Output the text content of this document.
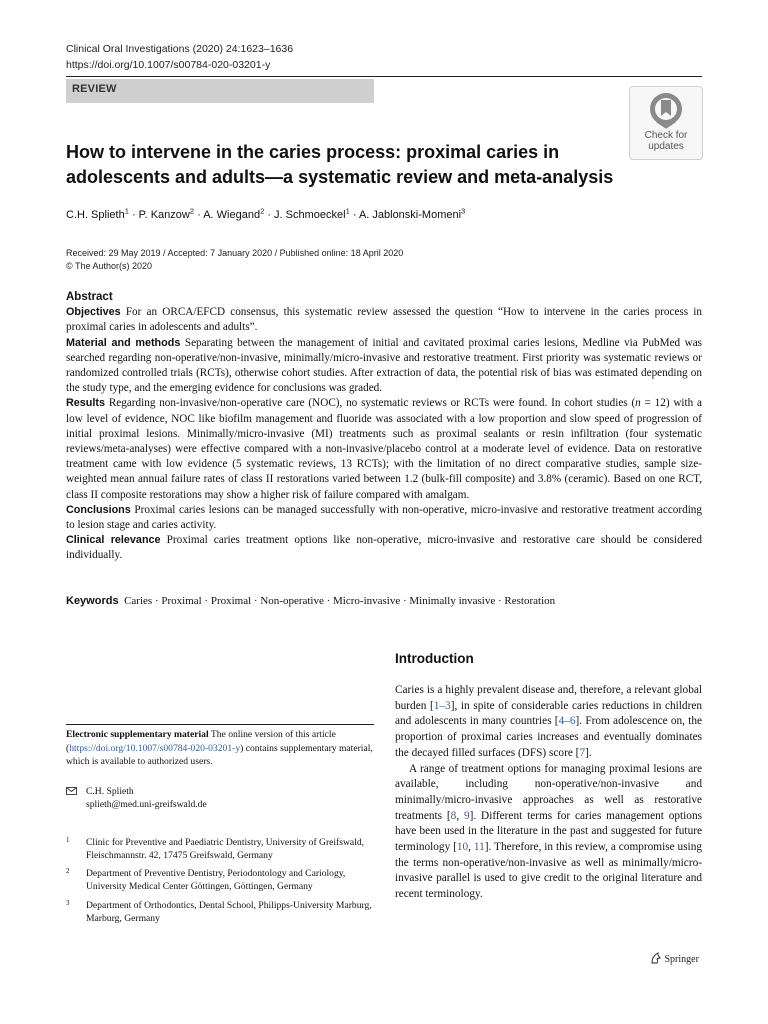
Clinical Oral Investigations (2020) 24:1623–1636
https://doi.org/10.1007/s00784-020-03201-y
REVIEW
Check for
updates
How to intervene in the caries process: proximal caries in adolescents and adults—a systematic review and meta-analysis
C.H. Splieth$^1$ · P. Kanzow$^2$ · A. Wiegand$^2$ · J. Schmoeckel$^1$ · A. Jablonski-Momeni$^3$
Received: 29 May 2019 / Accepted: 7 January 2020 / Published online: 18 April 2020
© The Author(s) 2020
Abstract

Objectives For an ORCA/EFCD consensus, this systematic review assessed the question “How to intervene in the caries process in proximal caries in adolescents and adults”.

Material and methods Separating between the management of initial and cavitated proximal caries lesions, Medline via PubMed was searched regarding non-operative/non-invasive, minimally/micro-invasive and restorative treatment. First priority was systematic reviews or randomized controlled trials (RCTs), otherwise cohort studies. After extraction of data, the potential risk of bias was estimated depending on the study type, and the emerging evidence for conclusions was graded.

Results Regarding non-invasive/non-operative care (NOC), no systematic reviews or RCTs were found. In cohort studies (n = 12) with a low level of evidence, NOC like biofilm management and fluoride was associated with a low proportion and slow speed of progression of initial proximal lesions. Minimally/micro-invasive (MI) treatments such as proximal sealants or resin infiltration (four systematic reviews/meta-analyses) were effective compared with a non-invasive/placebo control at a moderate level of evidence. Data on restorative treatment came with low evidence (5 systematic reviews, 13 RCTs); with the limitation of no direct comparative studies, sample size-weighted mean annual failure rates of class II restorations varied between 1.2 (bulk-fill composite) and 3.8% (ceramic). Based on one RCT, class II composite restorations may show a higher risk of failure compared with amalgam.

Conclusions Proximal caries lesions can be managed successfully with non-operative, micro-invasive and restorative treatment according to lesion stage and caries activity.

Clinical relevance Proximal caries treatment options like non-operative, micro-invasive and restorative care should be considered individually.

Keywords Caries · Proximal · Proximal · Non-operative · Micro-invasive · Minimally invasive · Restoration
Introduction

Caries is a highly prevalent disease and, therefore, a relevant global burden [1–3], in spite of considerable caries reductions in children and adolescents in many countries [4–6]. From adolescence on, the proportion of proximal caries increases and eventually dominates the decayed filled surfaces (DFS) score [7].

A range of treatment options for managing proximal lesions are available, including non-operative/non-invasive and minimally/micro-invasive approaches as well as restorative treatments [8, 9]. Different terms for caries management options have been used in the literature in the past and suggested for future terminology [10, 11]. Therefore, in this review, a compromise using the terms non-operative/non-invasive as well as minimally/micro-invasive parallel is used to give credit to the original literature and recent terminology.

Electronic supplementary material The online version of this article (https://doi.org/10.1007/s00784-020-03201-y) contains supplementary material, which is available to authorized users.
C.H. Splieth
splieth@med.uni-greifswald.de
1 Clinic for Preventive and Paediatric Dentistry, University of Greifswald, Fleischmannstr. 42, 17475 Greifswald, Germany
2 Department of Preventive Dentistry, Periodontology and Cariology, University Medical Center Göttingen, Göttingen, Germany
3 Department of Orthodontics, Dental School, Philipps-University Marburg, Marburg, Germany
Springer
